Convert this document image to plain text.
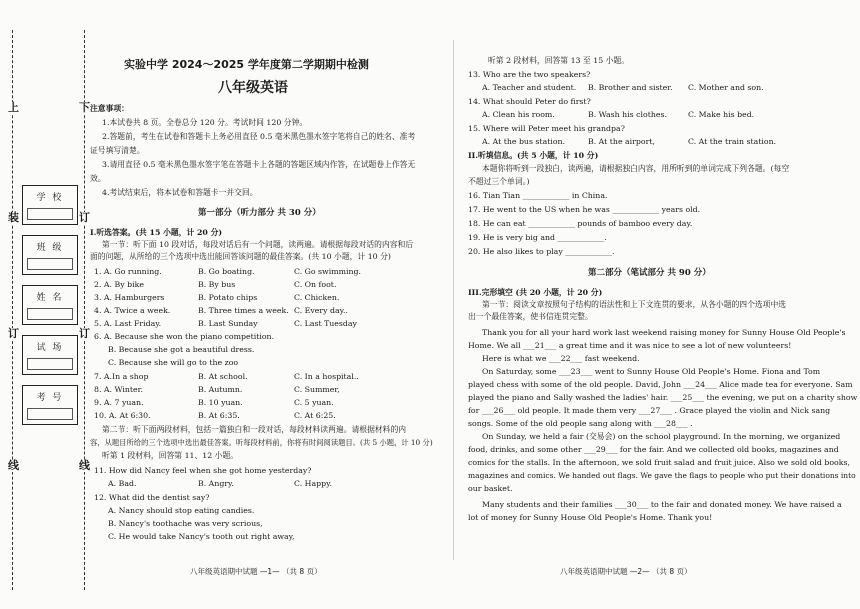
上	下
装	订
订	订
线	线
学 校
班 级
姓 名
试 场
考 号
实验中学 2024～2025 学年度第二学期期中检测
八年级英语
注意事项：
1.本试卷共 8 页。全卷总分 120 分。考试时间 120 分钟。
2.答题前，考生在试卷和答题卡上务必用直径 0.5 毫米黑色墨水签字笔将自己的姓名、准考
证号填写清楚。
3.请用直径 0.5 毫米黑色墨水签字笔在答题卡上各题的答题区域内作答，在试题卷上作答无
效。
4.考试结束后，将本试卷和答题卡一并交回。
第一部分（听力部分 共 30 分）
I.听选答案。(共 15 小题，计 20 分)
第一节：听下面 10 段对话，每段对话后有一个问题，读两遍。请根据每段对话的内容和后
面的问题，从所给的三个选项中选出能回答该问题的最佳答案。(共 10 小题，计 10 分)
1. A. Go running.	B. Go boating.	C. Go swimming.
2. A. By bike	B. By bus	C. On foot.
3. A. Hamburgers	B. Potato chips	C. Chicken.
4. A. Twice a week.	B. Three times a week. C. Every day..
5. A. Last Friday.	B. Last Sunday	C. Last Tuesday
6. A. Because she won the piano competition.
B. Because she got a beautiful dress.
C. Because she will go to the zoo
7. A.In a shop	B. At school.	C. In a hospital..
8. A. Winter.	B. Autumn.	C. Summer,
9. A. 7 yuan.	B. 10 yuan.	C. 5 yuan.
10. A. At 6:30.	B. At 6:35.	C. At 6:25.
第二节：听下面两段材料，包括一篇独白和一段对话，每段材料读两遍。请根据材料的内
容，从题目所给的三个选项中选出最佳答案。听每段材料前，你将有时间阅读题目。(共 5 小题，计 10 分)
听第 1 段材料，回答第 11、12 小题。
11. How did Nancy feel when she got home yesterday?
A. Bad.	B. Angry.	C. Happy.
12. What did the dentist say?
A. Nancy should stop eating candies.
B. Nancy's toothache was very scrious,
C. He would take Nancy's tooth out right away,
八年级英语期中试题 —1— （共 8 页）
听第 2 段材料，回答第 13 至 15 小题。
13. Who are the two speakers?
A. Teacher and student. B. Brother and sister. C. Mother and son.
14. What should Peter do first?
A. Clean his room.	B. Wash his clothes.	C. Make his bed.
15. Where will Peter meet his grandpa?
A. At the bus station.	B. At the airport,	C. At the train station.
II.听填信息。(共 5 小题，计 10 分)
本题你将听到一段独白，读两遍，请根据独白内容，用所听到的单词完成下列各题。(每空
不超过三个单词。)
16. Tian Tian ____________ in China.
17. He went to the US when he was ____________ years old.
18. He can eat ____________ pounds of bamboo every day.
19. He is very big and ____________.
20. He also likes to play ____________.
第二部分（笔试部分 共 90 分）
III.完形填空 (共 20 小题，计 20 分)
第一节：阅读文章按照句子结构的语法性和上下文连贯的要求，从各小题的四个选项中选
出一个最佳答案，使书信连贯完整。
Thank you for all your hard work last weekend raising money for Sunny House Old People's
Home. We all ___21___ a great time and it was nice to see a lot of new volunteers!
Here is what we ___22___ fast weekend.
On Saturday, some ___23___ went to Sunny House Old People's Home. Fiona and Tom
played chess with some of the old people. David, John ___24___ Alice made tea for everyone. Sam
played the piano and Sally washed the ladies' hair. ___25___ the evening, we put on a charity show
for ___26___ old people. It made them very ___27___ . Grace played the violin and Nick sang
songs. Some of the old people sang along with ___28___ .
On Sunday, we held a fair (交易会) on the school playground. In the morning, we organized
food, drinks, and some other ___29___ for the fair. And we collected old books, magazines and
comics for the stalls. In the afternoon, we sold fruit salad and fruit juice. Also we sold old books,
magazines and comics. We handed out flags. We gave the flags to people who put their donations into
our basket.
Many students and their families ___30___ to the fair and donated money. We have raised a
lot of money for Sunny House Old People's Home. Thank you!
八年级英语期中试题 —2— （共 8 页）
